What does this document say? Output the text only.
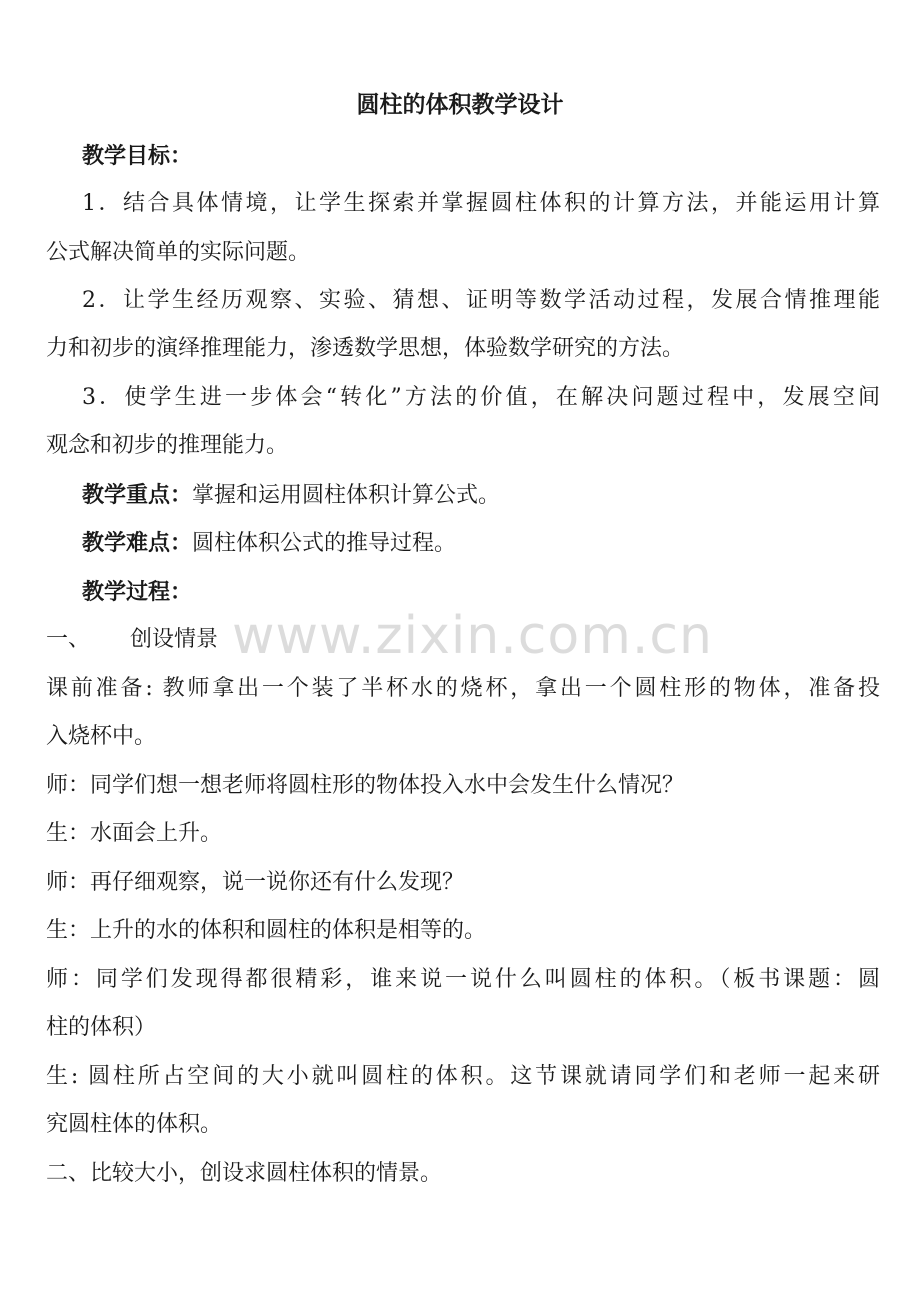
圆柱的体积教学设计
教学目标：
1．结合具体情境，让学生探索并掌握圆柱体积的计算方法，并能运用计算
公式解决简单的实际问题。
2．让学生经历观察、实验、猜想、证明等数学活动过程，发展合情推理能
力和初步的演绎推理能力，渗透数学思想，体验数学研究的方法。
3．使学生进一步体会“转化”方法的价值，在解决问题过程中，发展空间
观念和初步的推理能力。
教学重点：掌握和运用圆柱体积计算公式。
教学难点：圆柱体积公式的推导过程。
教学过程：
一、 创设情景
课前准备: 教师拿出一个装了半杯水的烧杯，拿出一个圆柱形的物体，准备投
入烧杯中。
师：同学们想一想老师将圆柱形的物体投入水中会发生什么情况？
生：水面会上升。
师：再仔细观察，说一说你还有什么发现？
生：上升的水的体积和圆柱的体积是相等的。
师：同学们发现得都很精彩，谁来说一说什么叫圆柱的体积。（板书课题：圆
柱的体积）
生: 圆柱所占空间的大小就叫圆柱的体积。这节课就请同学们和老师一起来研
究圆柱体的体积。
二、比较大小，创设求圆柱体积的情景。
www.zixin.com.cn
